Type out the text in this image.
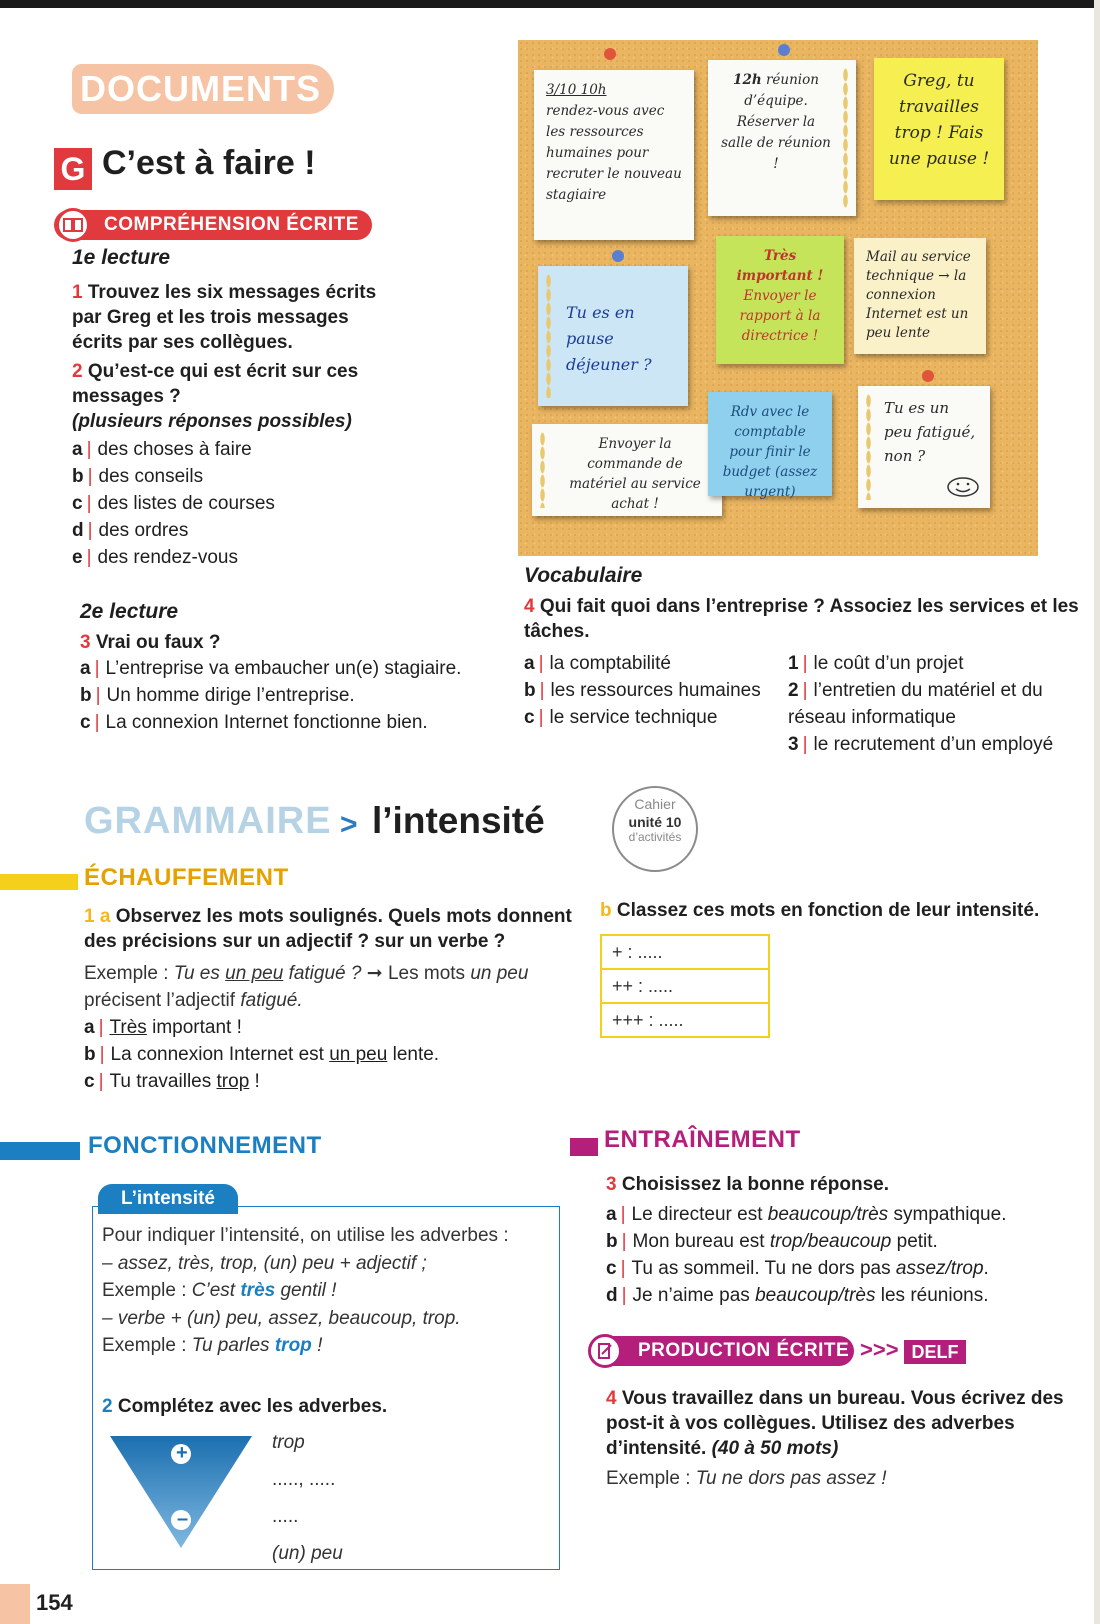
DOCUMENTS
G C’est à faire !
COMPRÉHENSION ÉCRITE
1e lecture
1 Trouvez les six messages écrits par Greg et les trois messages écrits par ses collègues.
2 Qu’est-ce qui est écrit sur ces messages ?
(plusieurs réponses possibles)
a | des choses à faire
b | des conseils
c | des listes de courses
d | des ordres
e | des rendez-vous
2e lecture
3 Vrai ou faux ?
a | L’entreprise va embaucher un(e) stagiaire.
b | Un homme dirige l’entreprise.
c | La connexion Internet fonctionne bien.
3/10 10h
rendez-vous avec les ressources humaines pour recruter le nouveau stagiaire
12h réunion d’équipe. Réserver la salle de réunion !
Greg, tu travailles trop ! Fais une pause !
Tu es en pause déjeuner ?
Très important !
Envoyer le rapport à la directrice !
Mail au service technique → la connexion Internet est un peu lente
Envoyer la commande de matériel au service achat !
Rdv avec le comptable pour finir le budget (assez urgent)
Tu es un peu fatigué, non ?
Vocabulaire
4 Qui fait quoi dans l’entreprise ? Associez les services et les tâches.
a | la comptabilité
b | les ressources humaines
c | le service technique
1 | le coût d’un projet
2 | l’entretien du matériel et du réseau informatique
3 | le recrutement d’un employé
GRAMMAIRE > l’intensité	Cahier
unité 10
d’activités
ÉCHAUFFEMENT
1 a Observez les mots soulignés. Quels mots donnent des précisions sur un adjectif ? sur un verbe ?
Exemple : Tu es un peu fatigué ? ➞ Les mots un peu précisent l’adjectif fatigué.
a | Très important !
b | La connexion Internet est un peu lente.
c | Tu travailles trop !
b Classez ces mots en fonction de leur intensité.
+ : .....
++ : .....
+++ : .....
FONCTIONNEMENT
L’intensité
Pour indiquer l’intensité, on utilise les adverbes :
– assez, très, trop, (un) peu + adjectif ;
Exemple : C’est très gentil !
– verbe + (un) peu, assez, beaucoup, trop.
Exemple : Tu parles trop !
2 Complétez avec les adverbes.
+
–
trop
....., .....
.....
(un) peu
ENTRAÎNEMENT
3 Choisissez la bonne réponse.
a | Le directeur est beaucoup/très sympathique.
b | Mon bureau est trop/beaucoup petit.
c | Tu as sommeil. Tu ne dors pas assez/trop.
d | Je n’aime pas beaucoup/très les réunions.
PRODUCTION ÉCRITE >>> DELF
4 Vous travaillez dans un bureau. Vous écrivez des post-it à vos collègues. Utilisez des adverbes d’intensité. (40 à 50 mots)
Exemple : Tu ne dors pas assez !
154
